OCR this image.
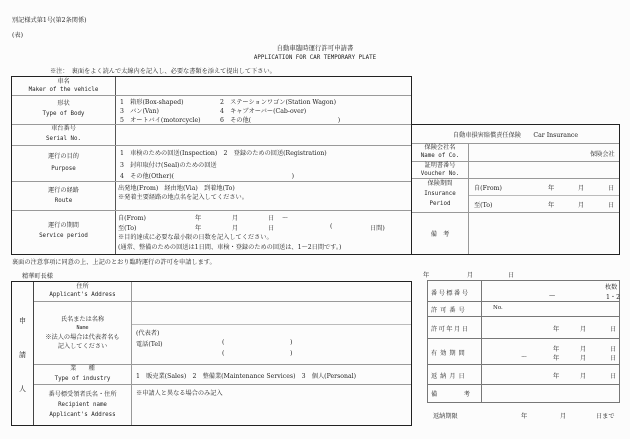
別記様式第1号(第2条関係)
(表)
自動車臨時運行許可申請書
APPLICATION FOR CAR TEMPORARY PLATE
※注：　裏面をよく読んで太線内を記入し、必要な書類を添えて提出して下さい。
車名
Maker of the vehicle
形状
Type of Body
1　箱形(Box-shaped)	2　ステーションワゴン(Station Wagon)
3　バン(Van)	4　キャブオーバー(Cab-over)
5　オートバイ(motorcycle)	6　その他(　　　　　　　　　　　　　　)
車台番号
Serial No.
運行の目的
Purpose
1　車検のための回送(Inspection)　2　登録のための回送(Registration)
3　封印取付け(Seal)のための回送
4　その他(Other)(　　　　　　　　　　　　　　　　　　　)
運行の経路
Route
出発地(From)　経由地(Via)　到着地(To)
※発着主要経路の地点名を記入してください。
運行の期間
Service period
自(From)	年	月	日 ～
至(To)	年	月	日	(	日間)
※目的達成に必要な最小限の日数を記入してください。
(通常、整備のための回送は1日間、車検・登録のための回送は、1～2日間です。)
自動車損害賠償責任保険　　Car Insurance
保険会社名
Name of Co.	保険会社
証明書番号
Voucher No.
保険期間
Insurance
Period
自(From)	年	月	日
至(To)	年	月	日
備　考
裏面の注意事項に同意の上、上記のとおり臨時運行の許可を申請します。
精華町長様	年	月	日
申
請
人
住所
Applicant's Address
氏名または名称
Name
※法人の場合は代表者名も
記入してください
(代表者)
電話(Tel)	(	)
(	)
業　　種
Type of industry	1　販売業(Sales)　2　整備業(Maintenance Services)　3　個人(Personal)
番号標受領者氏名・住所
Recipient name
Applicant's Address
※申請人と異なる場合のみ記入
番号標番号
枚数
—	1・2
許可番号	No.
許可年月日	年	月	日
有効期間
～
年	月	日
年	月	日
返納月日	年	月	日
備　　　考
返納期限	年	月	日まで
